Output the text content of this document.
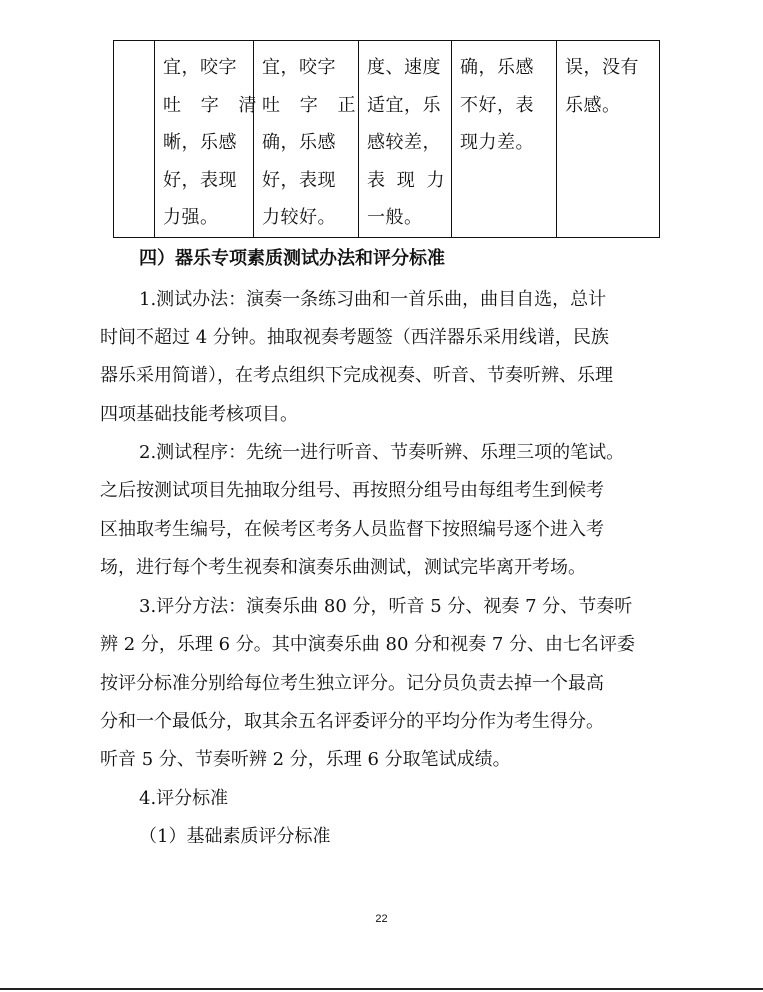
宜，咬字
吐 字 清
晰，乐感
好，表现
力强。

宜，咬字
吐 字 正
确，乐感
好，表现
力较好。

度、速度
适宜，乐
感较差，
表 现 力
一般。

确，乐感
不好，表
现力差。

误，没有
乐感。
四）器乐专项素质测试办法和评分标准
1.测试办法：演奏一条练习曲和一首乐曲，曲目自选，总计
时间不超过 4 分钟。抽取视奏考题签（西洋器乐采用线谱，民族
器乐采用简谱），在考点组织下完成视奏、听音、节奏听辨、乐理
四项基础技能考核项目。
2.测试程序：先统一进行听音、节奏听辨、乐理三项的笔试。
之后按测试项目先抽取分组号、再按照分组号由每组考生到候考
区抽取考生编号，在候考区考务人员监督下按照编号逐个进入考
场，进行每个考生视奏和演奏乐曲测试，测试完毕离开考场。
3.评分方法：演奏乐曲 80 分，听音 5 分、视奏 7 分、节奏听
辨 2 分，乐理 6 分。其中演奏乐曲 80 分和视奏 7 分、由七名评委
按评分标准分别给每位考生独立评分。记分员负责去掉一个最高
分和一个最低分，取其余五名评委评分的平均分作为考生得分。
听音 5 分、节奏听辨 2 分，乐理 6 分取笔试成绩。
4.评分标准
（1）基础素质评分标准
22
